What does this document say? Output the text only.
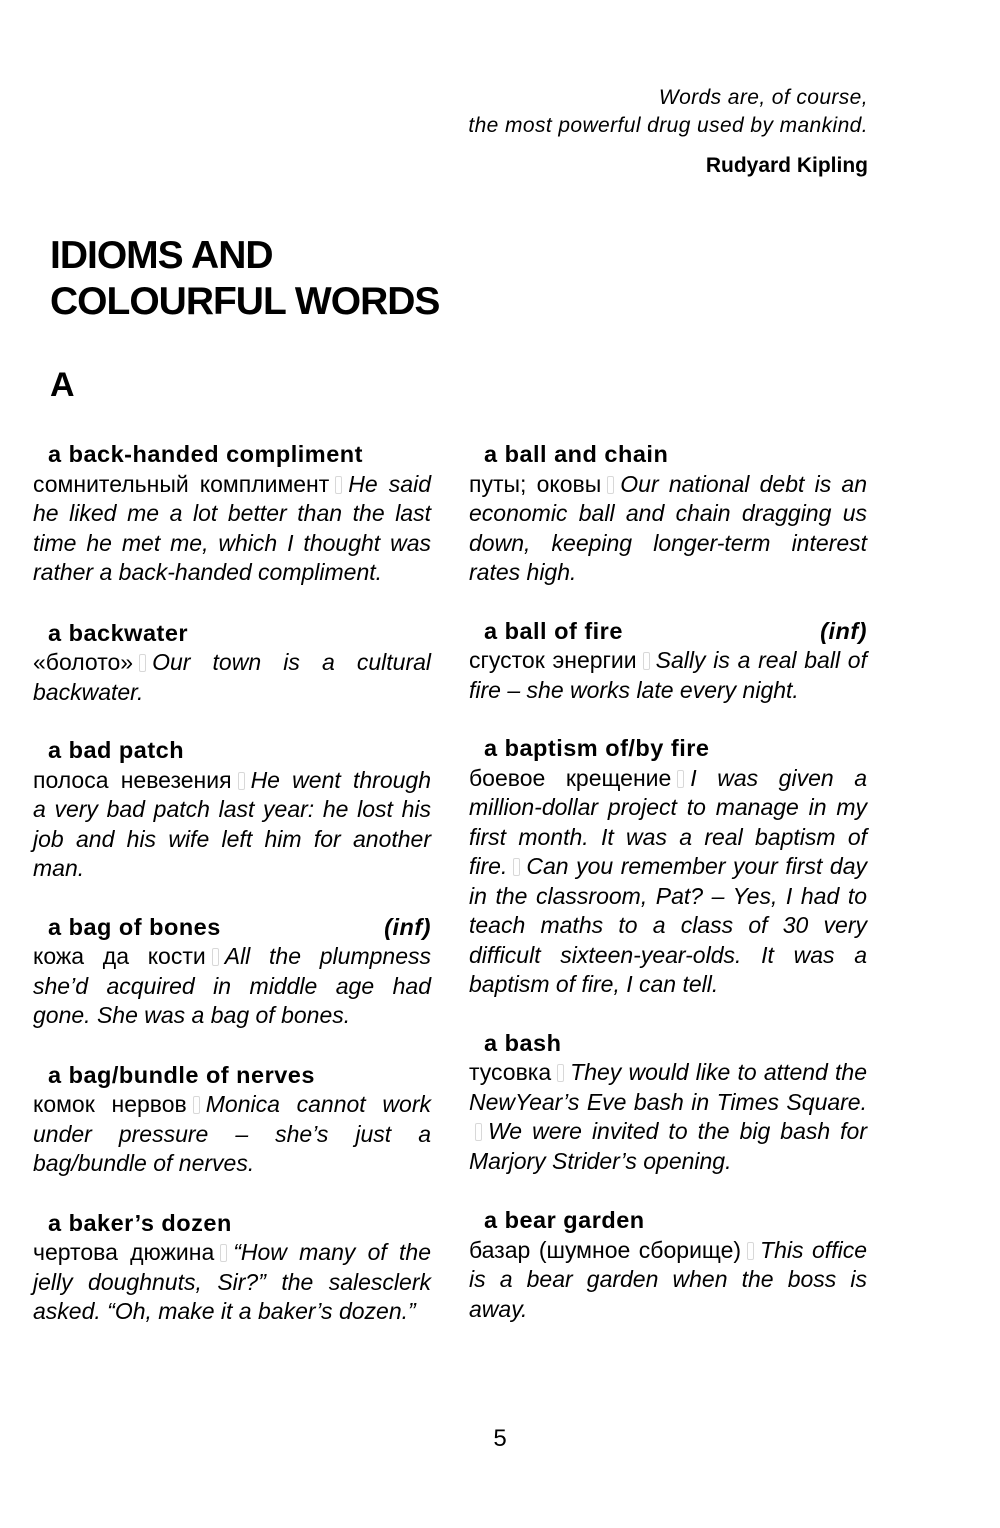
Words are, of course,
the most powerful drug used by mankind.
Rudyard Kipling
IDIOMS AND
COLOURFUL WORDS
A
a back-handed compliment
сомнительный комплимент He said he liked me a lot better than the last time he met me, which I thought was rather a back-handed compliment.
a backwater
«болото» Our town is a cultural backwater.
a bad patch
полоса невезения He went through a very bad patch last year: he lost his job and his wife left him for another man.
a bag of bones	(inf)
кожа да кости All the plumpness she’d acquired in middle age had gone. She was a bag of bones.
a bag/bundle of nerves
комок нервов Monica cannot work under pressure – she’s just a bag/bundle of nerves.
a baker’s dozen
чертова дюжина “How many of the jelly doughnuts, Sir?” the salesclerk asked. “Oh, make it a baker’s dozen.”
a ball and chain
путы; оковы Our national debt is an economic ball and chain dragging us down, keeping longer-term interest rates high.
a ball of fire	(inf)
сгусток энергии Sally is a real ball of fire – she works late every night.
a baptism of/by fire
боевое крещение I was given a million-dollar project to manage in my first month. It was a real baptism of fire. Can you remember your first day in the classroom, Pat? – Yes, I had to teach maths to a class of 30 very difficult sixteen-year-olds. It was a baptism of fire, I can tell.
a bash
тусовка They would like to attend the NewYear’s Eve bash in Times Square.We were invited to the big bash for Marjory Strider’s opening.
a bear garden
базар (шумное сборище) This office is a bear garden when the boss is away.
5
